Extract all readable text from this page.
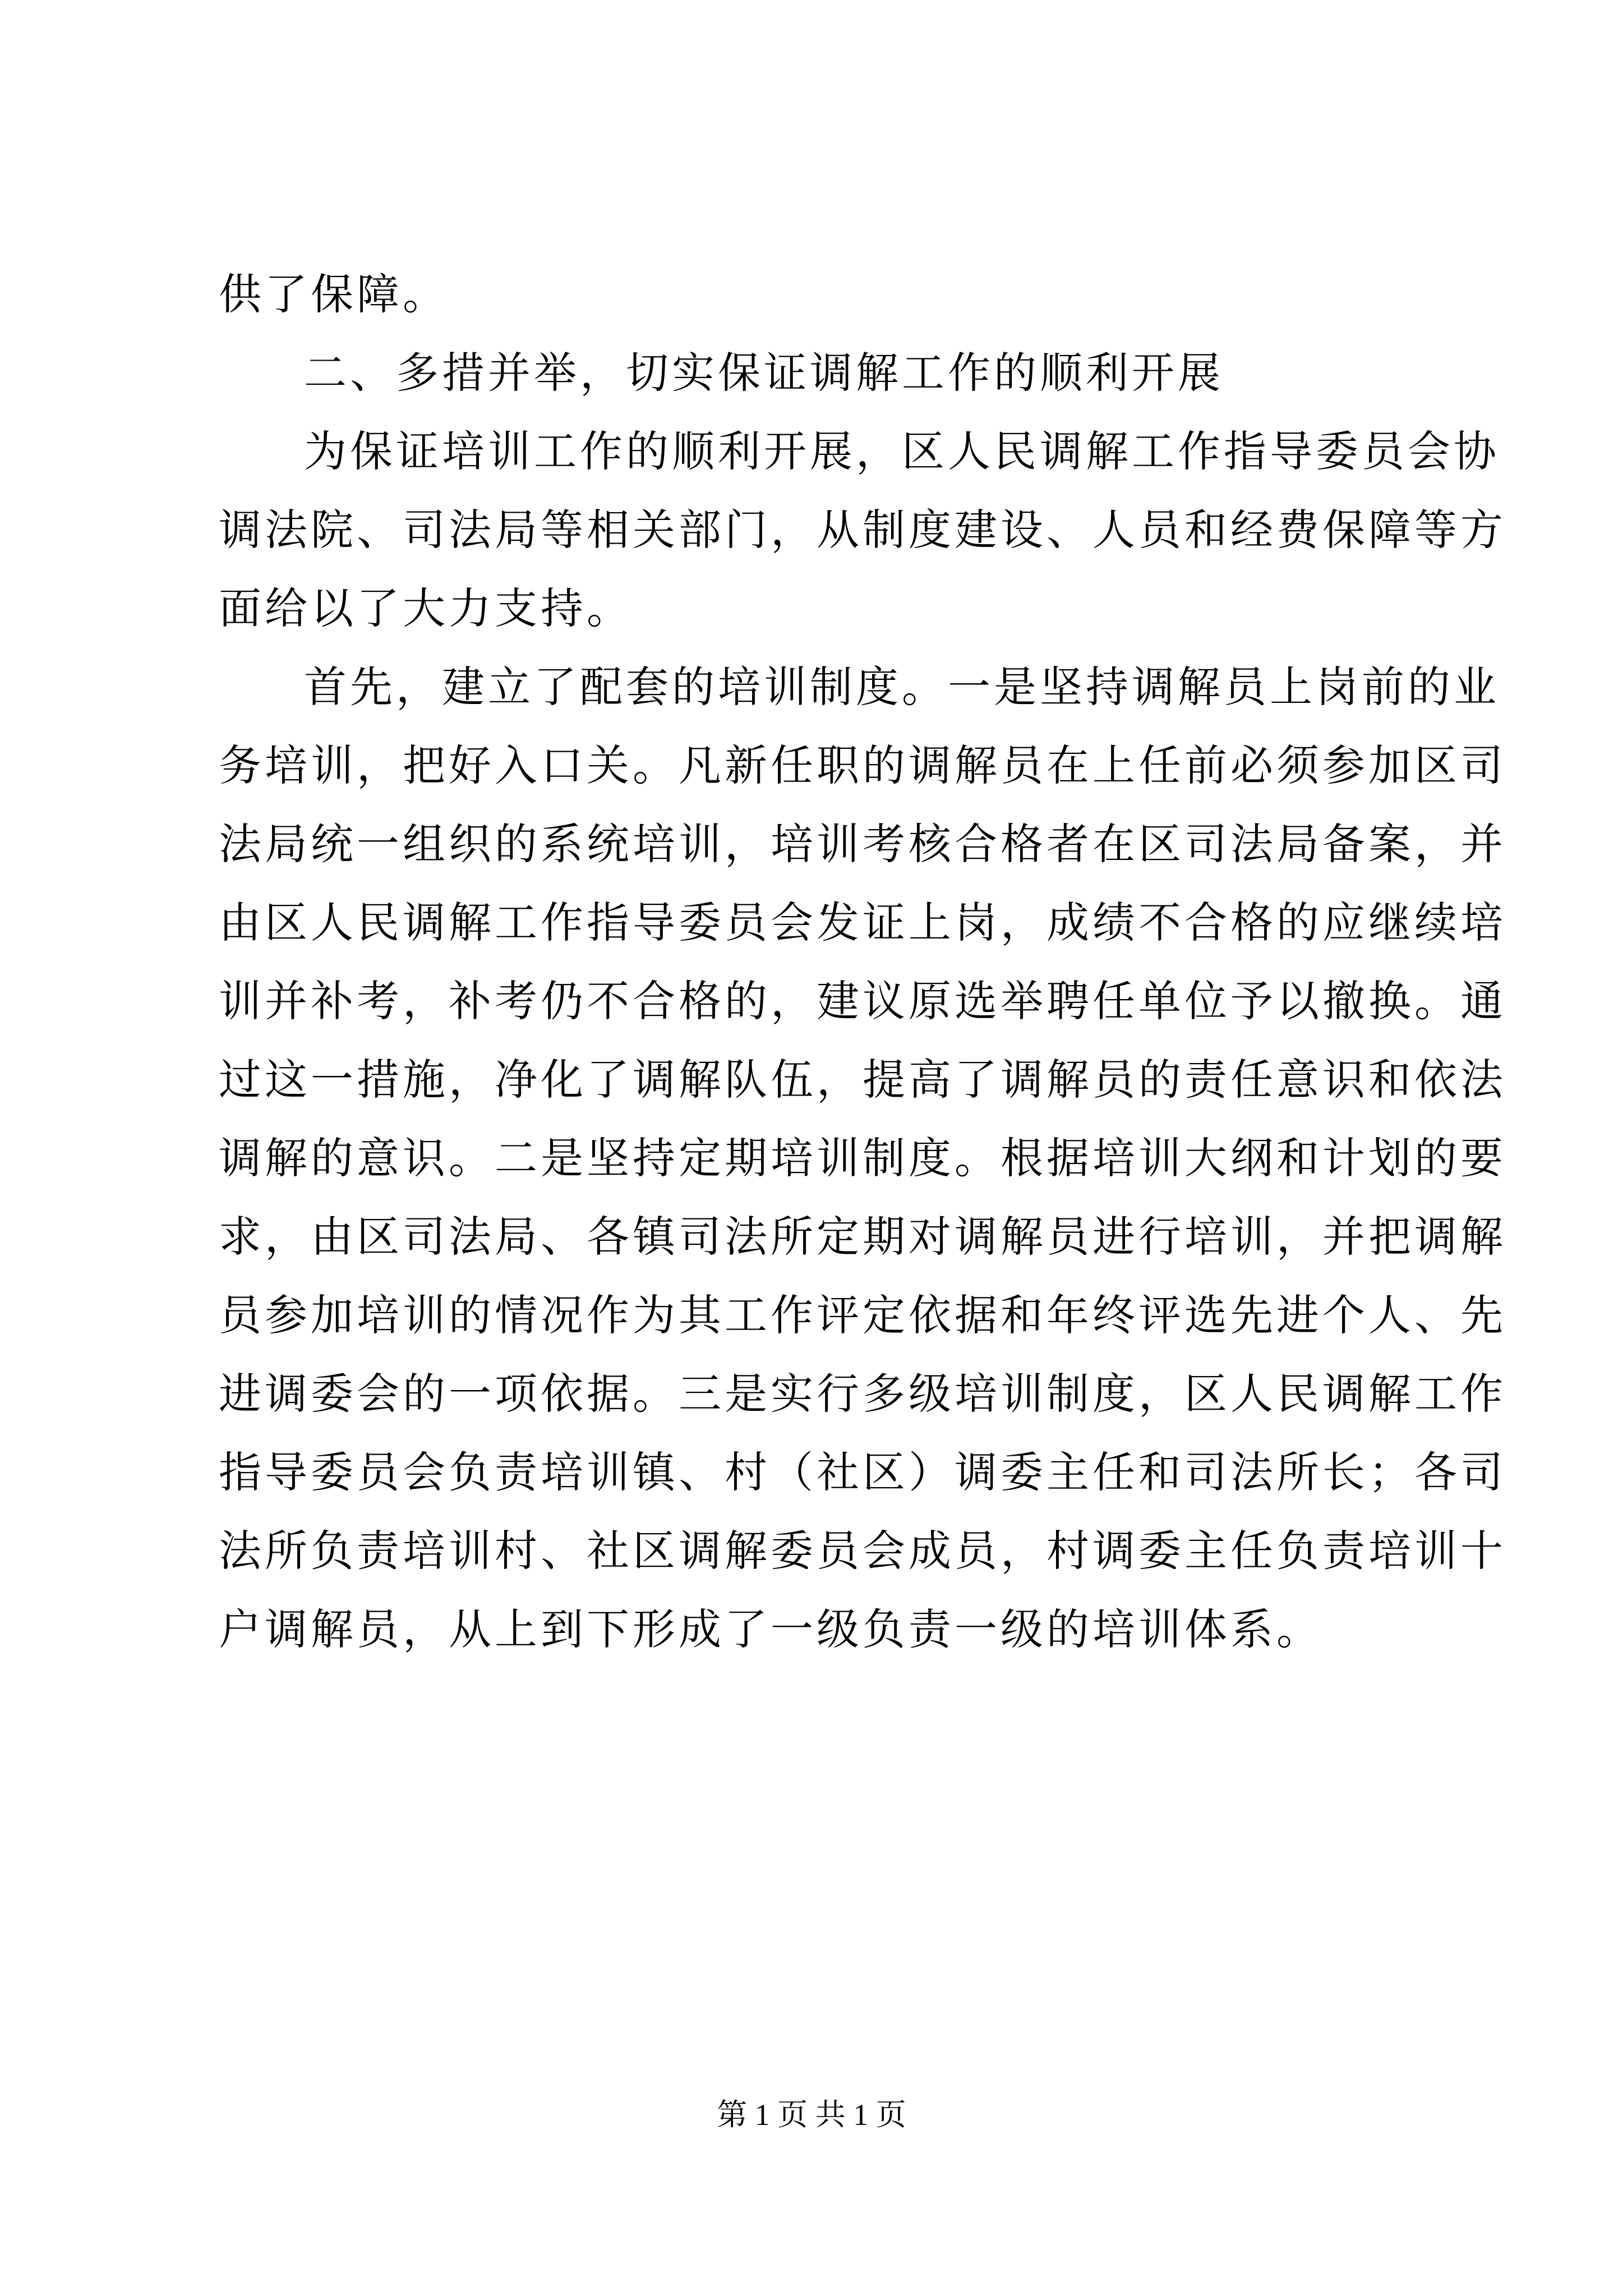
供了保障。
二、多措并举，切实保证调解工作的顺利开展
为保证培训工作的顺利开展，区人民调解工作指导委员会协
调法院、司法局等相关部门，从制度建设、人员和经费保障等方
面给以了大力支持。
首先，建立了配套的培训制度。一是坚持调解员上岗前的业
务培训，把好入口关。凡新任职的调解员在上任前必须参加区司
法局统一组织的系统培训，培训考核合格者在区司法局备案，并
由区人民调解工作指导委员会发证上岗，成绩不合格的应继续培
训并补考，补考仍不合格的，建议原选举聘任单位予以撤换。通
过这一措施，净化了调解队伍，提高了调解员的责任意识和依法
调解的意识。二是坚持定期培训制度。根据培训大纲和计划的要
求，由区司法局、各镇司法所定期对调解员进行培训，并把调解
员参加培训的情况作为其工作评定依据和年终评选先进个人、先
进调委会的一项依据。三是实行多级培训制度，区人民调解工作
指导委员会负责培训镇、村（社区）调委主任和司法所长；各司
法所负责培训村、社区调解委员会成员，村调委主任负责培训十
户调解员，从上到下形成了一级负责一级的培训体系。
第 1 页 共 1 页
